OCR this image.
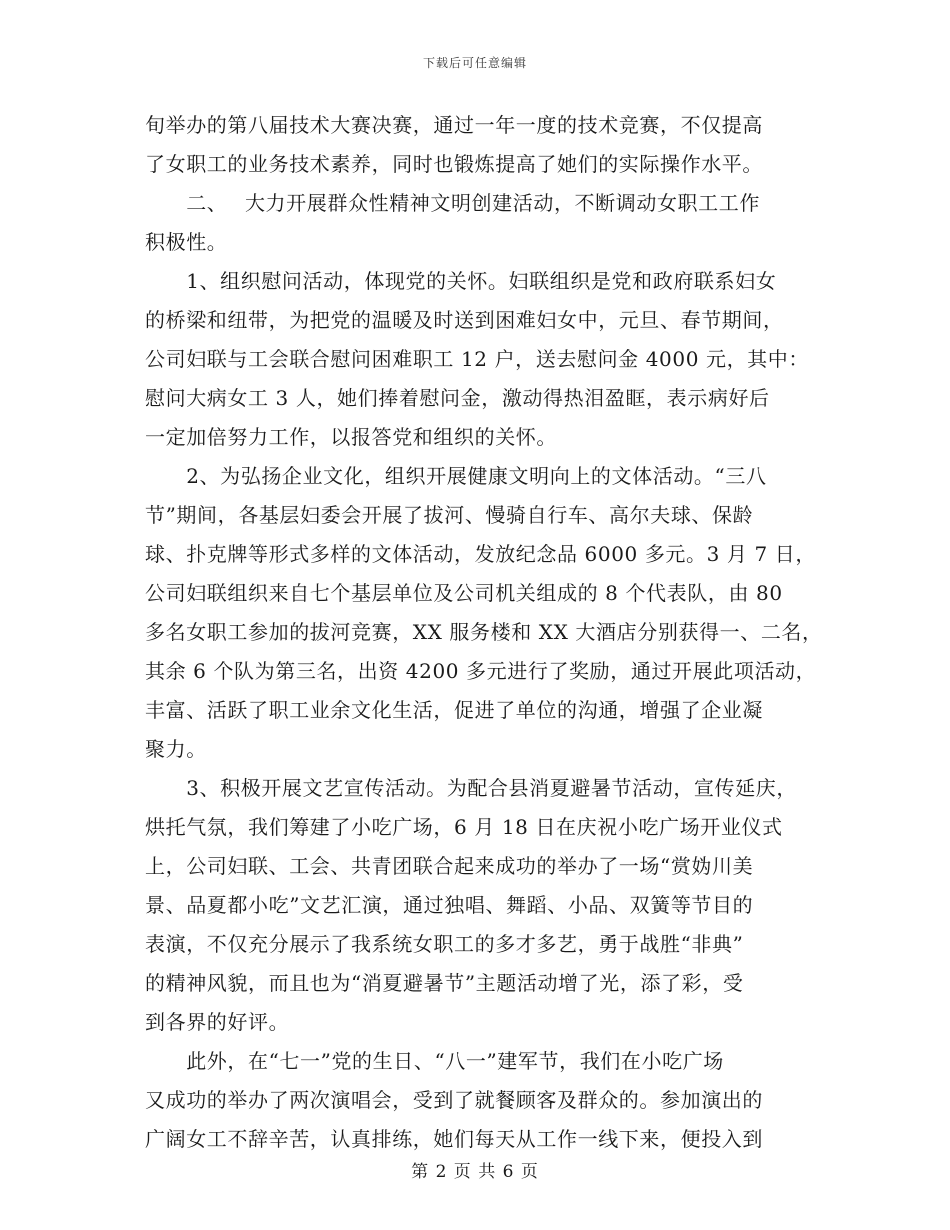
下载后可任意编辑
旬举办的第八届技术大赛决赛，通过一年一度的技术竞赛，不仅提高
了女职工的业务技术素养，同时也锻炼提高了她们的实际操作水平。
　　二、　 大力开展群众性精神文明创建活动，不断调动女职工工作
积极性。
　　1、组织慰问活动，体现党的关怀。妇联组织是党和政府联系妇女
的桥梁和纽带，为把党的温暖及时送到困难妇女中，元旦、春节期间，
公司妇联与工会联合慰问困难职工 12 户，送去慰问金 4000 元，其中：
慰问大病女工 3 人，她们捧着慰问金，激动得热泪盈眶，表示病好后
一定加倍努力工作，以报答党和组织的关怀。
　　2、为弘扬企业文化，组织开展健康文明向上的文体活动。“三八
节”期间，各基层妇委会开展了拔河、慢骑自行车、高尔夫球、保龄
球、扑克牌等形式多样的文体活动，发放纪念品 6000 多元。3 月 7 日，
公司妇联组织来自七个基层单位及公司机关组成的 8 个代表队，由 80
多名女职工参加的拔河竞赛，XX 服务楼和 XX 大酒店分别获得一、二名，
其余 6 个队为第三名，出资 4200 多元进行了奖励，通过开展此项活动，
丰富、活跃了职工业余文化生活，促进了单位的沟通，增强了企业凝
聚力。
　　3、积极开展文艺宣传活动。为配合县消夏避暑节活动，宣传延庆，
烘托气氛，我们筹建了小吃广场，6 月 18 日在庆祝小吃广场开业仪式
上，公司妇联、工会、共青团联合起来成功的举办了一场“赏妫川美
景、品夏都小吃”文艺汇演，通过独唱、舞蹈、小品、双簧等节目的
表演，不仅充分展示了我系统女职工的多才多艺，勇于战胜“非典”
的精神风貌，而且也为“消夏避暑节”主题活动增了光，添了彩，受
到各界的好评。
　　此外，在“七一”党的生日、“八一”建军节，我们在小吃广场
又成功的举办了两次演唱会，受到了就餐顾客及群众的。参加演出的
广阔女工不辞辛苦，认真排练，她们每天从工作一线下来，便投入到
第 2 页 共 6 页
